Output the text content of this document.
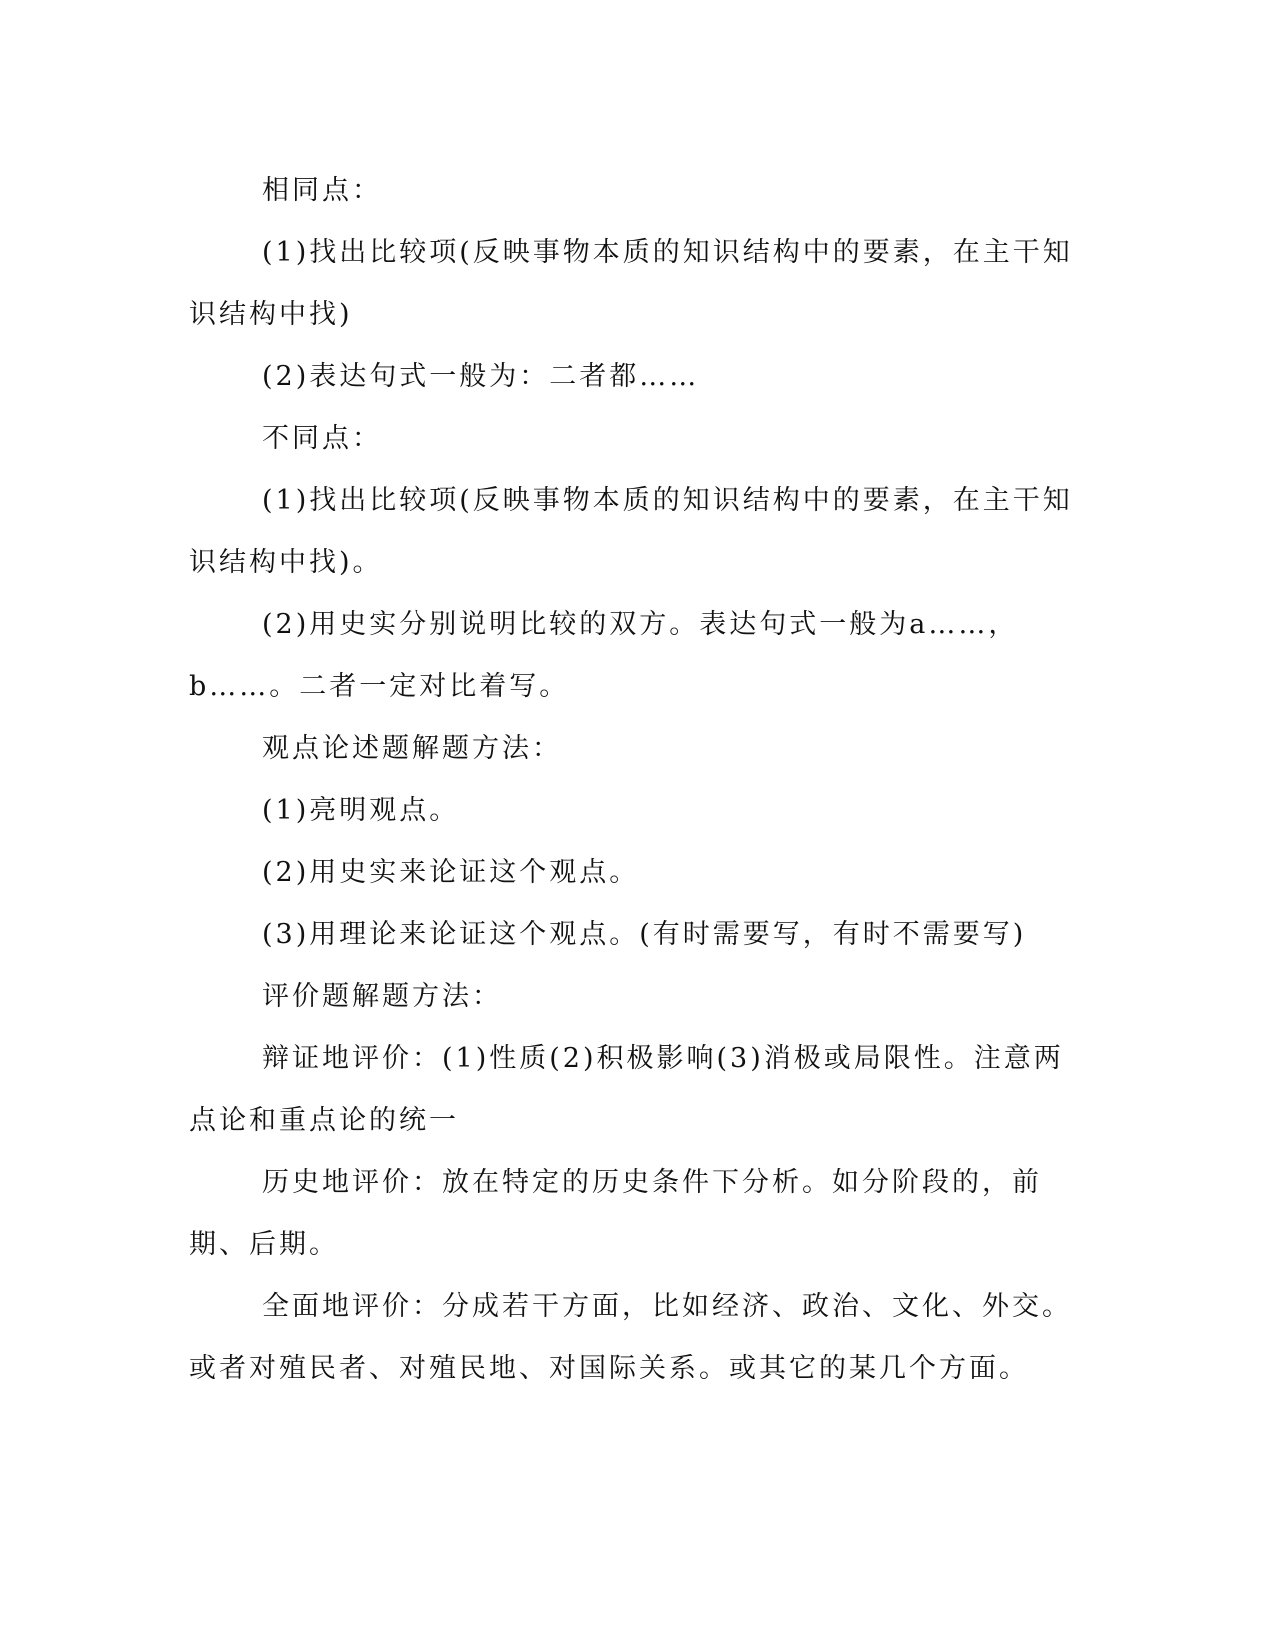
相同点：

(1)找出比较项(反映事物本质的知识结构中的要素，在主干知识结构中找)

(2)表达句式一般为：二者都……

不同点：

(1)找出比较项(反映事物本质的知识结构中的要素，在主干知识结构中找)。

(2)用史实分别说明比较的双方。表达句式一般为a……，b……。二者一定对比着写。

观点论述题解题方法：

(1)亮明观点。

(2)用史实来论证这个观点。

(3)用理论来论证这个观点。(有时需要写，有时不需要写)

评价题解题方法：

辩证地评价：(1)性质(2)积极影响(3)消极或局限性。注意两点论和重点论的统一

历史地评价：放在特定的历史条件下分析。如分阶段的，前期、后期。

全面地评价：分成若干方面，比如经济、政治、文化、外交。或者对殖民者、对殖民地、对国际关系。或其它的某几个方面。
